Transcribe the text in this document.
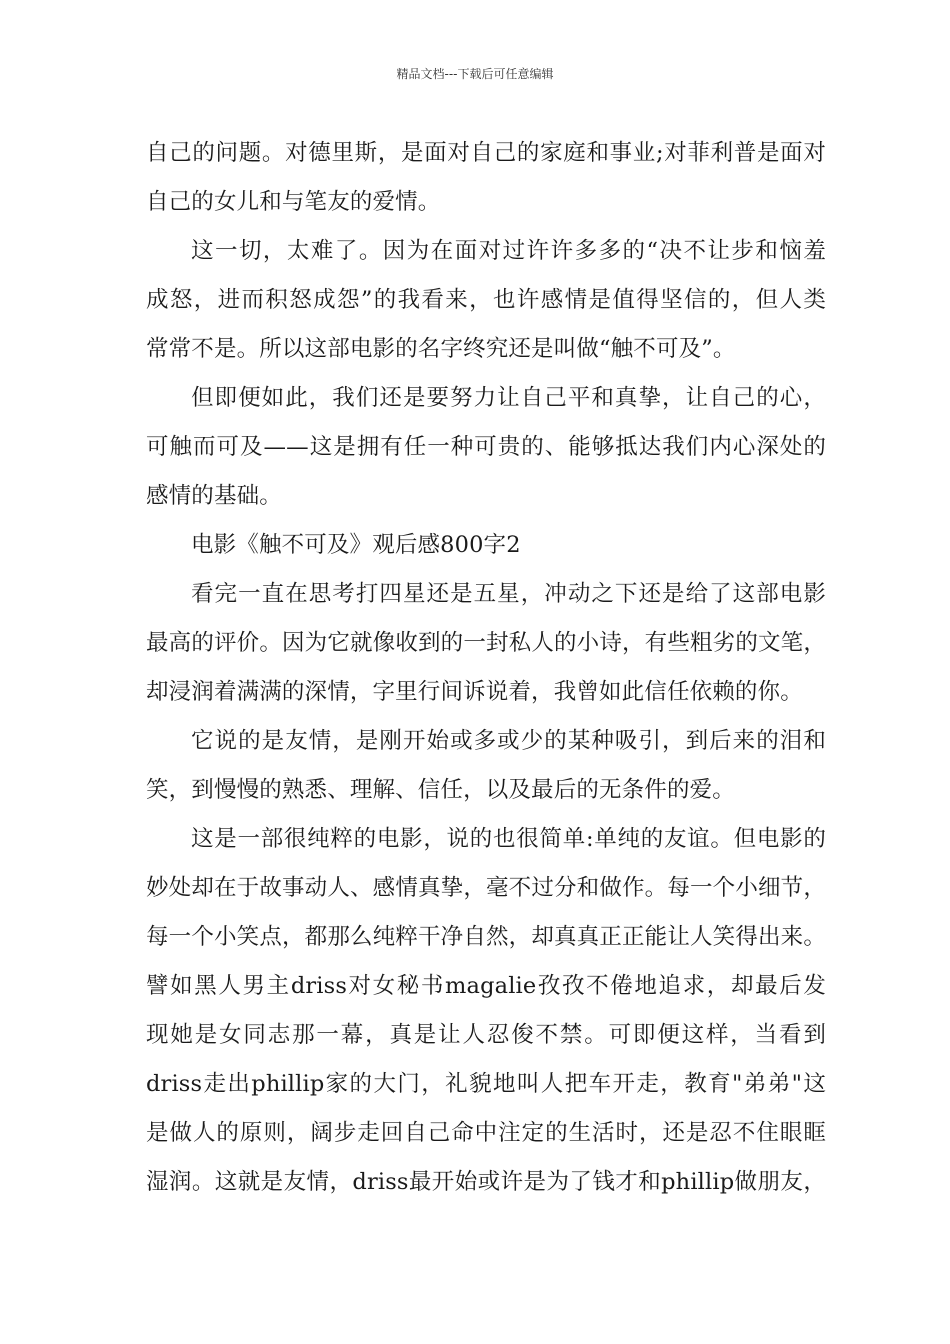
精品文档---下载后可任意编辑
自己的问题。对德里斯，是面对自己的家庭和事业;对菲利普是面对
自己的女儿和与笔友的爱情。
这一切，太难了。因为在面对过许许多多的“决不让步和恼羞
成怒，进而积怒成怨”的我看来，也许感情是值得坚信的，但人类
常常不是。所以这部电影的名字终究还是叫做“触不可及”。
但即便如此，我们还是要努力让自己平和真挚，让自己的心，
可触而可及——这是拥有任一种可贵的、能够抵达我们内心深处的
感情的基础。
电影《触不可及》观后感800字2
看完一直在思考打四星还是五星，冲动之下还是给了这部电影
最高的评价。因为它就像收到的一封私人的小诗，有些粗劣的文笔，
却浸润着满满的深情，字里行间诉说着，我曾如此信任依赖的你。
它说的是友情，是刚开始或多或少的某种吸引，到后来的泪和
笑，到慢慢的熟悉、理解、信任，以及最后的无条件的爱。
这是一部很纯粹的电影，说的也很简单:单纯的友谊。但电影的
妙处却在于故事动人、感情真挚，毫不过分和做作。每一个小细节，
每一个小笑点，都那么纯粹干净自然，却真真正正能让人笑得出来。
譬如黑人男主driss对女秘书magalie孜孜不倦地追求，却最后发
现她是女同志那一幕，真是让人忍俊不禁。可即便这样，当看到
driss走出phillip家的大门，礼貌地叫人把车开走，教育"弟弟"这
是做人的原则，阔步走回自己命中注定的生活时，还是忍不住眼眶
湿润。这就是友情，driss最开始或许是为了钱才和phillip做朋友，
